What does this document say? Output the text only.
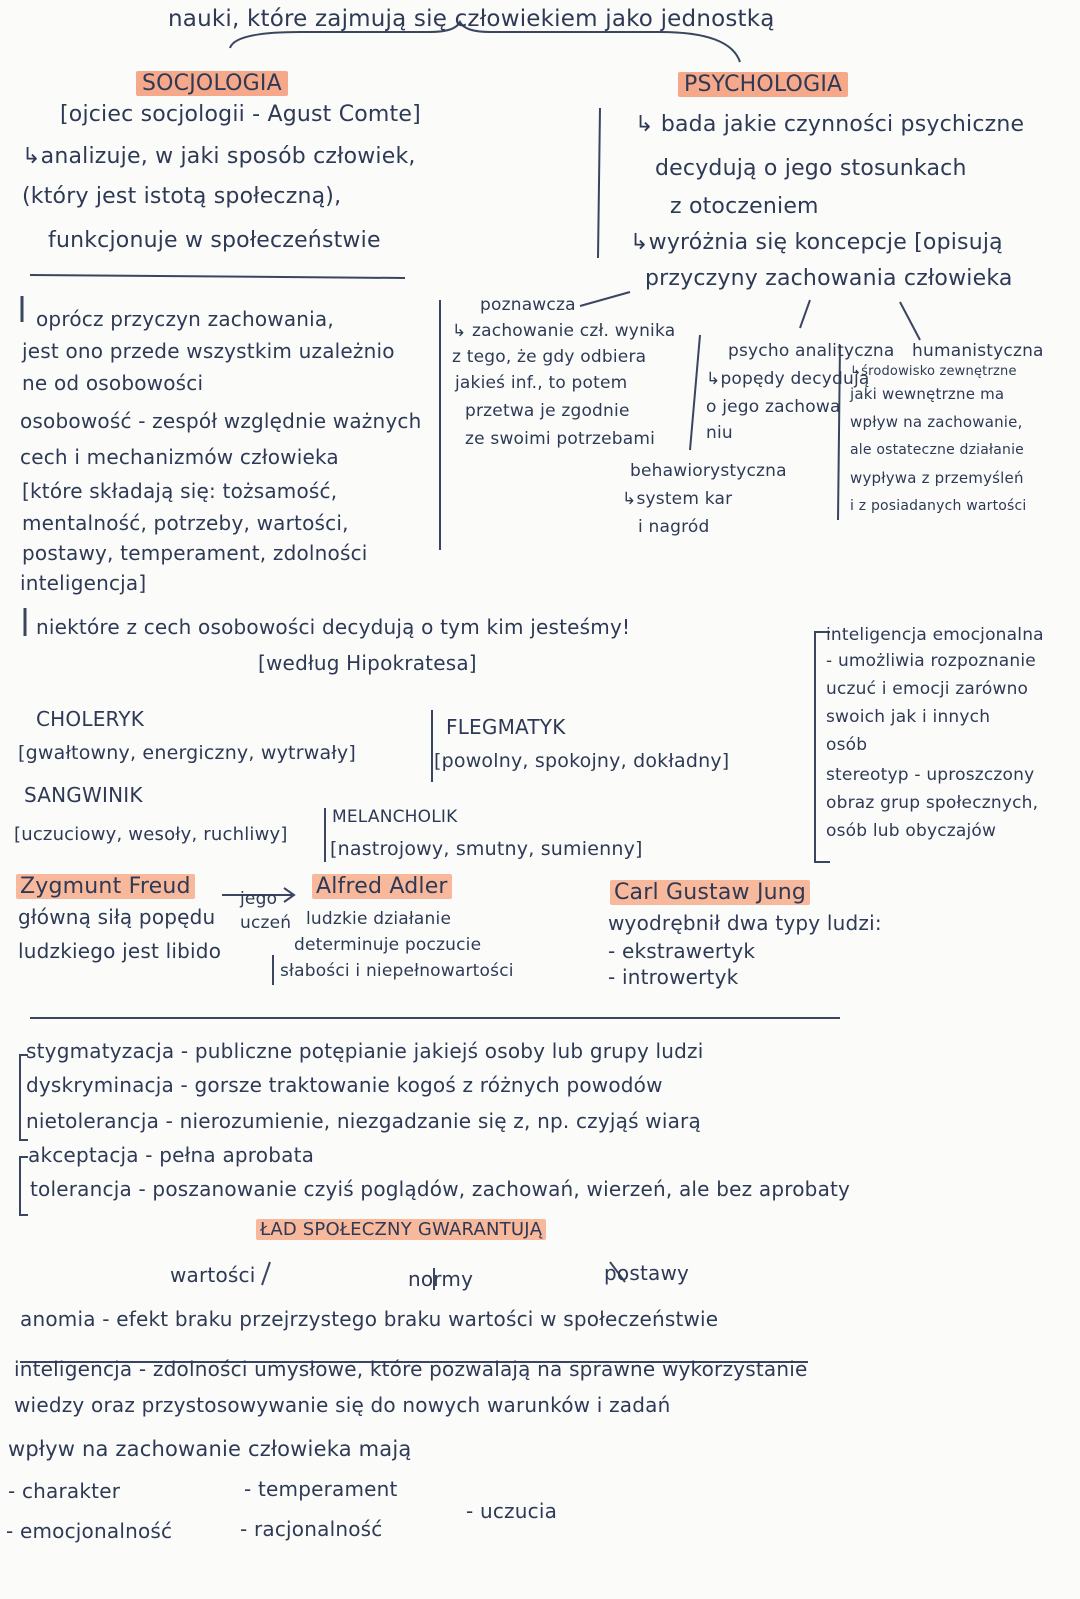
nauki, które zajmują się człowiekiem jako jednostką
SOCJOLOGIA
[ojciec socjologii - Agust Comte]
↳analizuje, w jaki sposób człowiek,
(który jest istotą społeczną),
funkcjonuje w społeczeństwie
PSYCHOLOGIA
↳ bada jakie czynności psychiczne
decydują o jego stosunkach
z otoczeniem
↳wyróżnia się koncepcje [opisują
przyczyny zachowania człowieka
oprócz przyczyn zachowania,
jest ono przede wszystkim uzależnio
ne od osobowości
osobowość - zespół względnie ważnych
cech i mechanizmów człowieka
[które składają się: tożsamość,
mentalność, potrzeby, wartości,
postawy, temperament, zdolności
inteligencja]
poznawcza
↳ zachowanie czł. wynika
z tego, że gdy odbiera
jakieś inf., to potem
przetwa je zgodnie
ze swoimi potrzebami
psycho analityczna
↳popędy decydują
o jego zachowa
niu
humanistyczna
↳środowisko zewnętrzne
jaki wewnętrzne ma
wpływ na zachowanie,
ale ostateczne działanie
wypływa z przemyśleń
i z posiadanych wartości
behawiorystyczna
↳system kar
i nagród
niektóre z cech osobowości decydują o tym kim jesteśmy!
[według Hipokratesa]
inteligencja emocjonalna
- umożliwia rozpoznanie
uczuć i emocji zarówno
swoich jak i innych
osób
stereotyp - uproszczony
obraz grup społecznych,
osób lub obyczajów
CHOLERYK
[gwałtowny, energiczny, wytrwały]
FLEGMATYK
[powolny, spokojny, dokładny]
SANGWINIK
[uczuciowy, wesoły, ruchliwy]
MELANCHOLIK
[nastrojowy, smutny, sumienny]
Zygmunt Freud
główną siłą popędu
ludzkiego jest libido
jego
uczeń
Alfred Adler
ludzkie działanie
determinuje poczucie
słabości i niepełnowartości
Carl Gustaw Jung
wyodrębnił dwa typy ludzi:
- ekstrawertyk
- introwertyk
stygmatyzacja - publiczne potępianie jakiejś osoby lub grupy ludzi
dyskryminacja - gorsze traktowanie kogoś z różnych powodów
nietolerancja - nierozumienie, niezgadzanie się z, np. czyjąś wiarą
akceptacja - pełna aprobata
tolerancja - poszanowanie czyiś poglądów, zachowań, wierzeń, ale bez aprobaty
ŁAD SPOŁECZNY GWARANTUJĄ
wartości	normy	postawy
anomia - efekt braku przejrzystego braku wartości w społeczeństwie
inteligencja - zdolności umysłowe, które pozwalają na sprawne wykorzystanie
wiedzy oraz przystosowywanie się do nowych warunków i zadań
wpływ na zachowanie człowieka mają
- charakter	- temperament
- uczucia
- emocjonalność	- racjonalność
